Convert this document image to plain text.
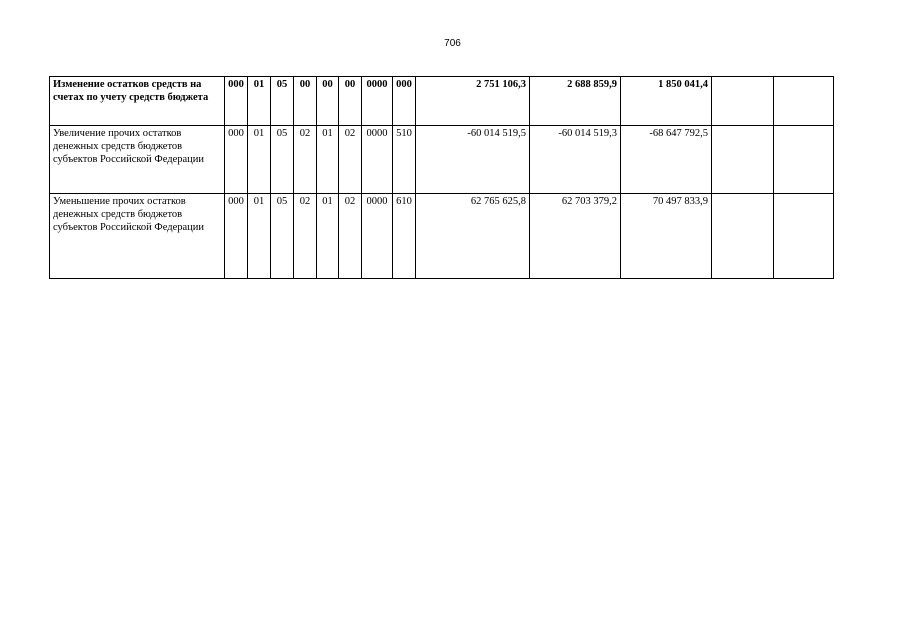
706
Изменение остатков средств на счетах по учету средств бюджета	000	01	05	00	00	00	0000	000	2 751 106,3	2 688 859,9	1 850 041,4		
Увеличение прочих остатков денежных средств бюджетов субъектов Российской Федерации	000	01	05	02	01	02	0000	510	-60 014 519,5	-60 014 519,3	-68 647 792,5		
Уменьшение прочих остатков денежных средств бюджетов субъектов Российской Федерации	000	01	05	02	01	02	0000	610	62 765 625,8	62 703 379,2	70 497 833,9		
